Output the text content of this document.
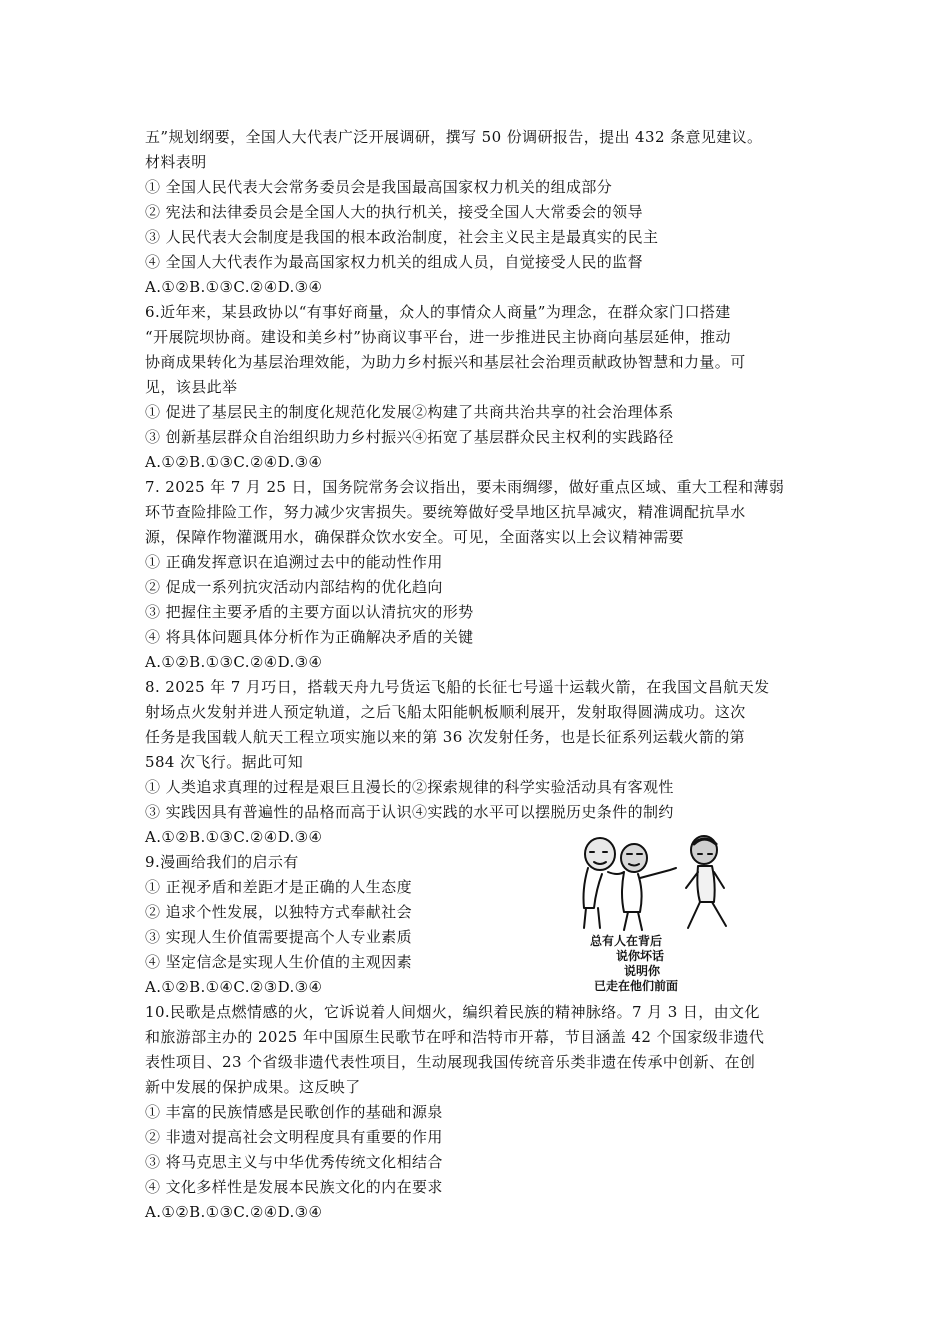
五”规划纲要，全国人大代表广泛开展调研，撰写 50 份调研报告，提出 432 条意见建议。
材料表明
① 全国人民代表大会常务委员会是我国最高国家权力机关的组成部分
② 宪法和法律委员会是全国人大的执行机关，接受全国人大常委会的领导
③ 人民代表大会制度是我国的根本政治制度，社会主义民主是最真实的民主
④ 全国人大代表作为最高国家权力机关的组成人员，自觉接受人民的监督
A.①②B.①③C.②④D.③④
6.近年来，某县政协以“有事好商量，众人的事情众人商量”为理念，在群众家门口搭建
“开展院坝协商。建设和美乡村”协商议事平台，进一步推进民主协商向基层延伸，推动
协商成果转化为基层治理效能，为助力乡村振兴和基层社会治理贡献政协智慧和力量。可
见，该县此举
① 促进了基层民主的制度化规范化发展②构建了共商共治共享的社会治理体系
③ 创新基层群众自治组织助力乡村振兴④拓宽了基层群众民主权利的实践路径
A.①②B.①③C.②④D.③④
7. 2025 年 7 月 25 日，国务院常务会议指出，要未雨绸缪，做好重点区域、重大工程和薄弱
环节查险排险工作，努力减少灾害损失。要统筹做好受旱地区抗旱减灾，精准调配抗旱水
源，保障作物灌溉用水，确保群众饮水安全。可见，全面落实以上会议精神需要
① 正确发挥意识在追溯过去中的能动性作用
② 促成一系列抗灾活动内部结构的优化趋向
③ 把握住主要矛盾的主要方面以认清抗灾的形势
④ 将具体问题具体分析作为正确解决矛盾的关键
A.①②B.①③C.②④D.③④
8. 2025 年 7 月巧日，搭载天舟九号货运飞船的长征七号遥十运载火箭，在我国文昌航天发
射场点火发射并进人预定轨道，之后飞船太阳能帆板顺利展开，发射取得圆满成功。这次
任务是我国载人航天工程立项实施以来的第 36 次发射任务，也是长征系列运载火箭的第
584 次飞行。据此可知
① 人类追求真理的过程是艰巨且漫长的②探索规律的科学实验活动具有客观性
③ 实践因具有普遍性的品格而高于认识④实践的水平可以摆脱历史条件的制约
A.①②B.①③C.②④D.③④
9.漫画给我们的启示有
① 正视矛盾和差距才是正确的人生态度
② 追求个性发展，以独特方式奉献社会
③ 实现人生价值需要提高个人专业素质
④ 坚定信念是实现人生价值的主观因素
A.①②B.①④C.②③D.③④
总有人在背后
说你坏话
说明你
已走在他们前面
10.民歌是点燃情感的火，它诉说着人间烟火，编织着民族的精神脉络。7 月 3 日，由文化
和旅游部主办的 2025 年中国原生民歌节在呼和浩特市开幕，节目涵盖 42 个国家级非遗代
表性项目、23 个省级非遗代表性项目，生动展现我国传统音乐类非遗在传承中创新、在创
新中发展的保护成果。这反映了
① 丰富的民族情感是民歌创作的基础和源泉
② 非遗对提高社会文明程度具有重要的作用
③ 将马克思主义与中华优秀传统文化相结合
④ 文化多样性是发展本民族文化的内在要求
A.①②B.①③C.②④D.③④
